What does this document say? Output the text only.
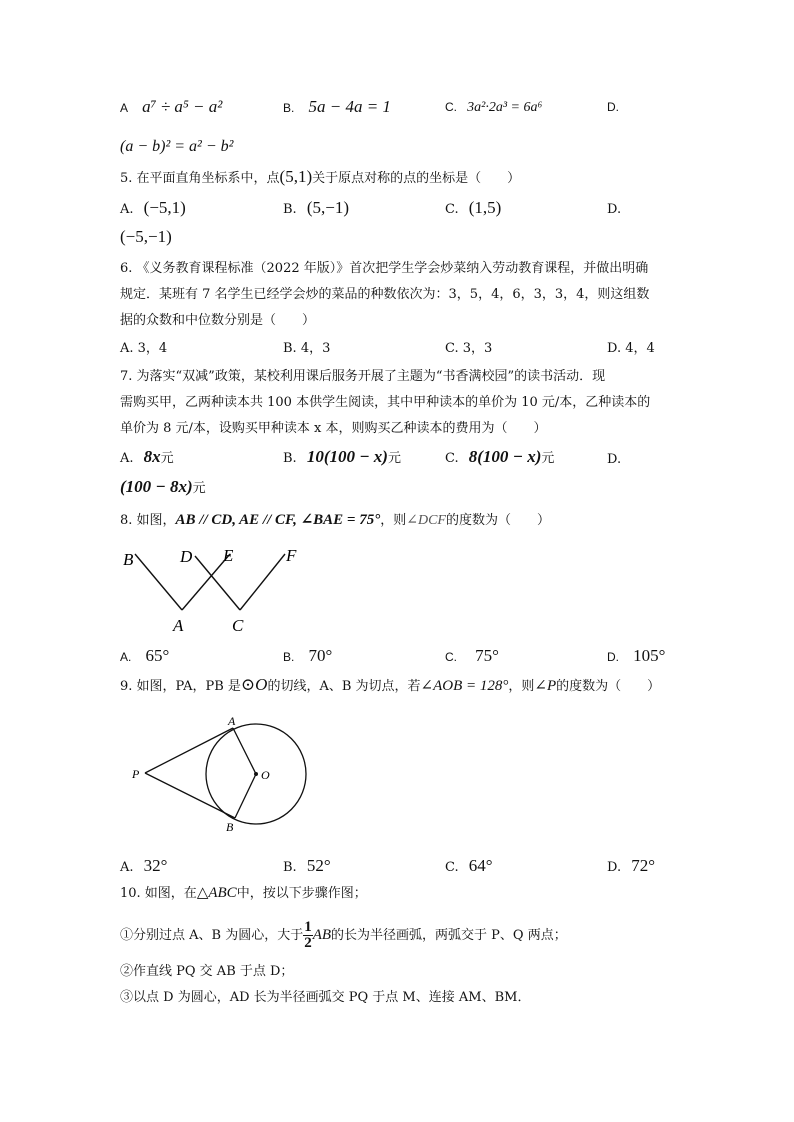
A a⁷ ÷ a⁵ − a²	B. 5a − 4a = 1	C. 3a²·2a³ = 6a⁶	D.
(a − b)² = a² − b²
5. 在平面直角坐标系中，点(5,1)关于原点对称的点的坐标是（　　）
A. (−5,1)	B. (5,−1)	C. (1,5)	D.
(−5,−1)
6. 《义务教育课程标准（2022 年版）》首次把学生学会炒菜纳入劳动教育课程，并做出明确
规定．某班有 7 名学生已经学会炒的菜品的种数依次为：3，5，4，6，3，3，4，则这组数
据的众数和中位数分别是（　　）
A. 3，4	B. 4，3	C. 3，3	D. 4，4
7. 为落实“双减”政策，某校利用课后服务开展了主题为“书香满校园”的读书活动．现
需购买甲，乙两种读本共 100 本供学生阅读，其中甲种读本的单价为 10 元/本，乙种读本的
单价为 8 元/本，设购买甲种读本 x 本，则购买乙种读本的费用为（　　）
A. 8x元	B. 10(100 − x)元	C. 8(100 − x)元	D.
(100 − 8x)元
8. 如图，AB // CD, AE // CF, ∠BAE = 75°，则∠DCF的度数为（　　）
B	D E	F
A	C
A. 65°	B. 70°	C. 75°	D. 105°
9. 如图，PA，PB 是⊙O的切线，A、B 为切点，若∠AOB = 128°，则∠P的度数为（　　）
A
P	O
B
A. 32°	B. 52°	C. 64°	D. 72°
10. 如图，在△ABC中，按以下步骤作图；
①分别过点 A、B 为圆心，大于 $\frac{1}{2}$ AB的长为半径画弧，两弧交于 P、Q 两点；
②作直线 PQ 交 AB 于点 D；
③以点 D 为圆心，AD 长为半径画弧交 PQ 于点 M、连接 AM、BM．
